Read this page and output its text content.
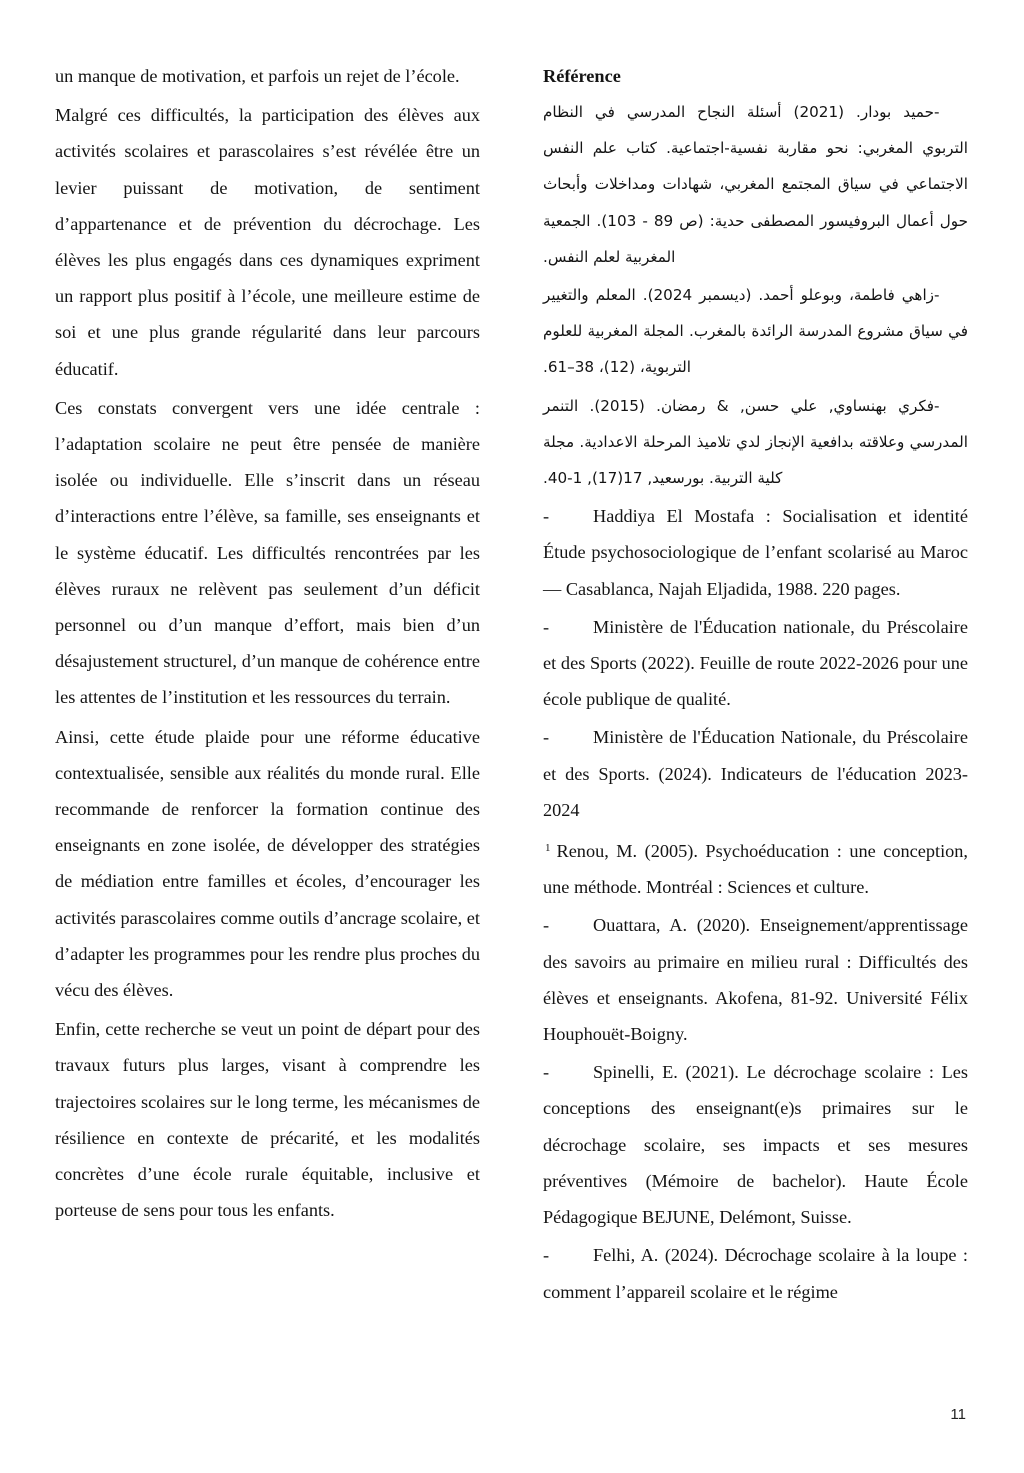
un manque de motivation, et parfois un rejet de l’école.

Malgré ces difficultés, la participation des élèves aux activités scolaires et parascolaires s’est révélée être un levier puissant de motivation, de sentiment d’appartenance et de prévention du décrochage. Les élèves les plus engagés dans ces dynamiques expriment un rapport plus positif à l’école, une meilleure estime de soi et une plus grande régularité dans leur parcours éducatif.

Ces constats convergent vers une idée centrale : l’adaptation scolaire ne peut être pensée de manière isolée ou individuelle. Elle s’inscrit dans un réseau d’interactions entre l’élève, sa famille, ses enseignants et le système éducatif. Les difficultés rencontrées par les élèves ruraux ne relèvent pas seulement d’un déficit personnel ou d’un manque d’effort, mais bien d’un désajustement structurel, d’un manque de cohérence entre les attentes de l’institution et les ressources du terrain.

Ainsi, cette étude plaide pour une réforme éducative contextualisée, sensible aux réalités du monde rural. Elle recommande de renforcer la formation continue des enseignants en zone isolée, de développer des stratégies de médiation entre familles et écoles, d’encourager les activités parascolaires comme outils d’ancrage scolaire, et d’adapter les programmes pour les rendre plus proches du vécu des élèves.

Enfin, cette recherche se veut un point de départ pour des travaux futurs plus larges, visant à comprendre les trajectoires scolaires sur le long terme, les mécanismes de résilience en contexte de précarité, et les modalités concrètes d’une école rurale équitable, inclusive et porteuse de sens pour tous les enfants.

Référence

-حميد بودار. (2021) أسئلة النجاح المدرسي في النظام التربوي المغربي: نحو مقاربة نفسية-اجتماعية. كتاب علم النفس الاجتماعي في سياق المجتمع المغربي، شهادات ومداخلات وأبحاث حول أعمال البروفيسور المصطفى حدية: (ص 89 - 103). الجمعية المغربية لعلم النفس.

-زاهي فاطمة، وبوعلو أحمد. (ديسمبر 2024). المعلم والتغيير في سياق مشروع المدرسة الرائدة بالمغرب. المجلة المغربية للعلوم التربوية، (12)، 38–61.

-فكري بهنساوي, علي حسن, & رمضان. (2015). التنمر المدرسي وعلاقته بدافعية الإنجاز لدي تلاميذ المرحلة الاعدادية. مجلة كلية التربية. بورسعيد, 17(17), 1-40.

- Haddiya El Mostafa : Socialisation et identité Étude psychosociologique de l’enfant scolarisé au Maroc— Casablanca, Najah Eljadida, 1988. 220 pages.

- Ministère de l'Éducation nationale, du Préscolaire et des Sports (2022). Feuille de route 2022-2026 pour une école publique de qualité.

- Ministère de l'Éducation Nationale, du Préscolaire et des Sports. (2024). Indicateurs de l'éducation 2023-2024

$^1$ Renou, M. (2005). Psychoéducation : une conception, une méthode. Montréal : Sciences et culture.

- Ouattara, A. (2020). Enseignement/apprentissage des savoirs au primaire en milieu rural : Difficultés des élèves et enseignants. Akofena, 81-92. Université Félix Houphouët-Boigny.

- Spinelli, E. (2021). Le décrochage scolaire : Les conceptions des enseignant(e)s primaires sur le décrochage scolaire, ses impacts et ses mesures préventives (Mémoire de bachelor). Haute École Pédagogique BEJUNE, Delémont, Suisse.

- Felhi, A. (2024). Décrochage scolaire à la loupe : comment l’appareil scolaire et le régime

11
